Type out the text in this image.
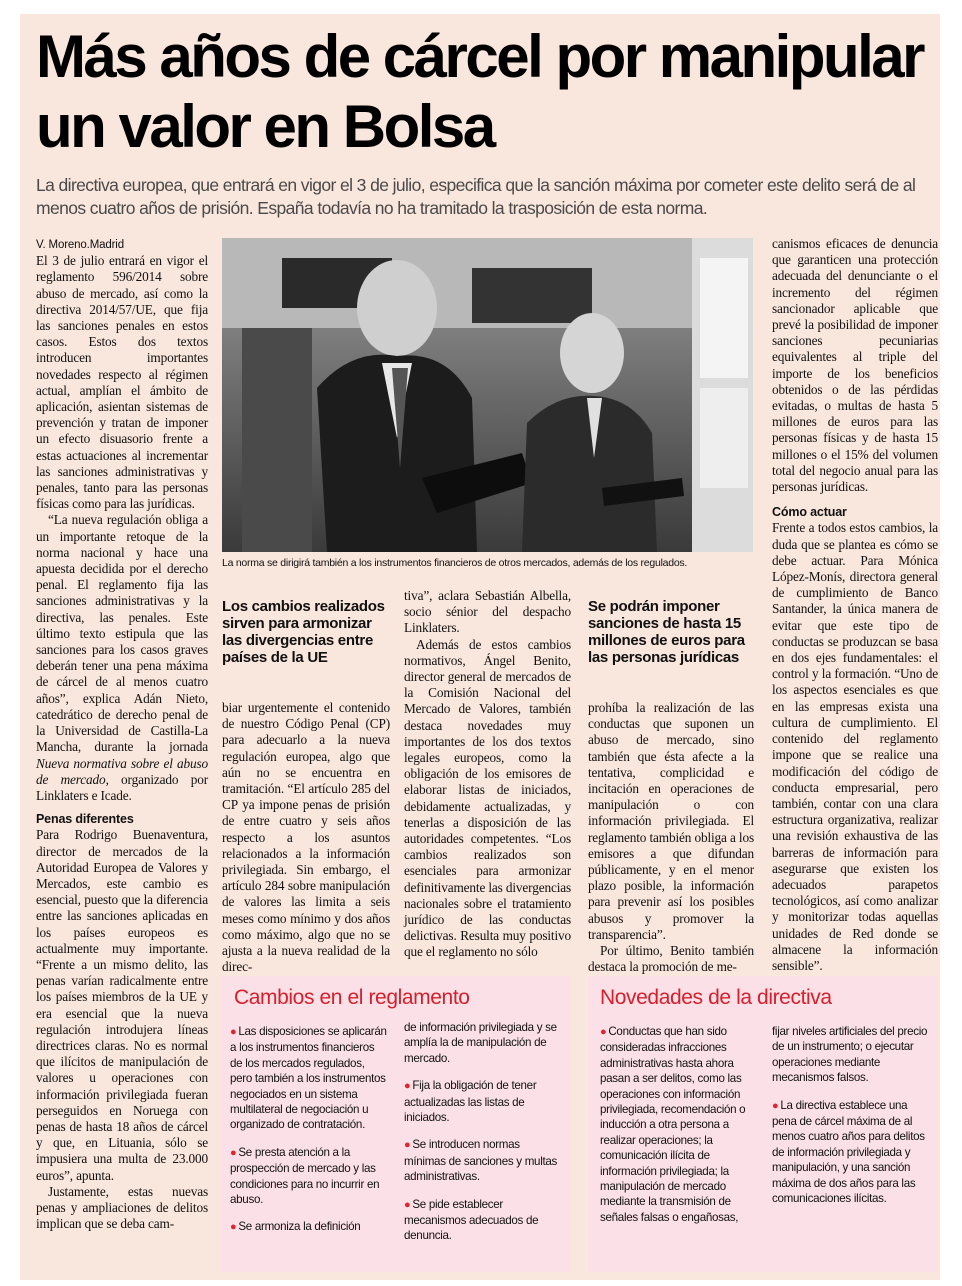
Más años de cárcel por manipular un valor en Bolsa

La directiva europea, que entrará en vigor el 3 de julio, especifica que la sanción máxima por cometer este delito será de al menos cuatro años de prisión. España todavía no ha tramitado la trasposición de esta norma.

V. Moreno.Madrid

El 3 de julio entrará en vigor el reglamento 596/2014 sobre abuso de mercado, así como la directiva 2014/57/UE, que fija las sanciones penales en estos casos. Estos dos textos introducen importantes novedades respecto al régimen actual, amplían el ámbito de aplicación, asientan sistemas de prevención y tratan de imponer un efecto disuasorio frente a estas actuaciones al incrementar las sanciones administrativas y penales, tanto para las personas físicas como para las jurídicas.

“La nueva regulación obliga a un importante retoque de la norma nacional y hace una apuesta decidida por el derecho penal. El reglamento fija las sanciones administrativas y la directiva, las penales. Este último texto estipula que las sanciones para los casos graves deberán tener una pena máxima de cárcel de al menos cuatro años”, explica Adán Nieto, catedrático de derecho penal de la Universidad de Castilla-La Mancha, durante la jornada Nueva normativa sobre el abuso de mercado, organizado por Linklaters e Icade.

Penas diferentes

Para Rodrigo Buenaventura, director de mercados de la Autoridad Europea de Valores y Mercados, este cambio es esencial, puesto que la diferencia entre las sanciones aplicadas en los países europeos es actualmente muy importante. “Frente a un mismo delito, las penas varían radicalmente entre los países miembros de la UE y era esencial que la nueva regulación introdujera líneas directrices claras. No es normal que ilícitos de manipulación de valores u operaciones con información privilegiada fueran perseguidos en Noruega con penas de hasta 18 años de cárcel y que, en Lituania, sólo se impusiera una multa de 23.000 euros”, apunta.

Justamente, estas nuevas penas y ampliaciones de delitos implican que se deba cam-

La norma se dirigirá también a los instrumentos financieros de otros mercados, además de los regulados.

Los cambios realizados sirven para armonizar las divergencias entre países de la UE

biar urgentemente el contenido de nuestro Código Penal (CP) para adecuarlo a la nueva regulación europea, algo que aún no se encuentra en tramitación. “El artículo 285 del CP ya impone penas de prisión de entre cuatro y seis años respecto a los asuntos relacionados a la información privilegiada. Sin embargo, el artículo 284 sobre manipulación de valores las limita a seis meses como mínimo y dos años como máximo, algo que no se ajusta a la nueva realidad de la direc-

tiva”, aclara Sebastián Albella, socio sénior del despacho Linklaters.

Además de estos cambios normativos, Ángel Benito, director general de mercados de la Comisión Nacional del Mercado de Valores, también destaca novedades muy importantes de los dos textos legales europeos, como la obligación de los emisores de elaborar listas de iniciados, debidamente actualizadas, y tenerlas a disposición de las autoridades competentes. “Los cambios realizados son esenciales para armonizar definitivamente las divergencias nacionales sobre el tratamiento jurídico de las conductas delictivas. Resulta muy positivo que el reglamento no sólo

Se podrán imponer sanciones de hasta 15 millones de euros para las personas jurídicas

prohíba la realización de las conductas que suponen un abuso de mercado, sino también que ésta afecte a la tentativa, complicidad e incitación en operaciones de manipulación o con información privilegiada. El reglamento también obliga a los emisores a que difundan públicamente, y en el menor plazo posible, la información para prevenir así los posibles abusos y promover la transparencia”.

Por último, Benito también destaca la promoción de me-

canismos eficaces de denuncia que garanticen una protección adecuada del denunciante o el incremento del régimen sancionador aplicable que prevé la posibilidad de imponer sanciones pecuniarias equivalentes al triple del importe de los beneficios obtenidos o de las pérdidas evitadas, o multas de hasta 5 millones de euros para las personas físicas y de hasta 15 millones o el 15% del volumen total del negocio anual para las personas jurídicas.

Cómo actuar

Frente a todos estos cambios, la duda que se plantea es cómo se debe actuar. Para Mónica López-Monís, directora general de cumplimiento de Banco Santander, la única manera de evitar que este tipo de conductas se produzcan se basa en dos ejes fundamentales: el control y la formación. “Uno de los aspectos esenciales es que en las empresas exista una cultura de cumplimiento. El contenido del reglamento impone que se realice una modificación del código de conducta empresarial, pero también, contar con una clara estructura organizativa, realizar una revisión exhaustiva de las barreras de información para asegurarse que existen los adecuados parapetos tecnológicos, así como analizar y monitorizar todas aquellas unidades de Red donde se almacene la información sensible”.

Cambios en el reglamento

● Las disposiciones se aplicarán a los instrumentos financieros de los mercados regulados, pero también a los instrumentos negociados en un sistema multilateral de negociación u organizado de contratación.

● Se presta atención a la prospección de mercado y las condiciones para no incurrir en abuso.

● Se armoniza la definición

de información privilegiada y se amplía la de manipulación de mercado.

● Fija la obligación de tener actualizadas las listas de iniciados.

● Se introducen normas mínimas de sanciones y multas administrativas.

● Se pide establecer mecanismos adecuados de denuncia.

Novedades de la directiva

● Conductas que han sido consideradas infracciones administrativas hasta ahora pasan a ser delitos, como las operaciones con información privilegiada, recomendación o inducción a otra persona a realizar operaciones; la comunicación ilícita de información privilegiada; la manipulación de mercado mediante la transmisión de señales falsas o engañosas,

fijar niveles artificiales del precio de un instrumento; o ejecutar operaciones mediante mecanismos falsos.

● La directiva establece una pena de cárcel máxima de al menos cuatro años para delitos de información privilegiada y manipulación, y una sanción máxima de dos años para las comunicaciones ilícitas.
